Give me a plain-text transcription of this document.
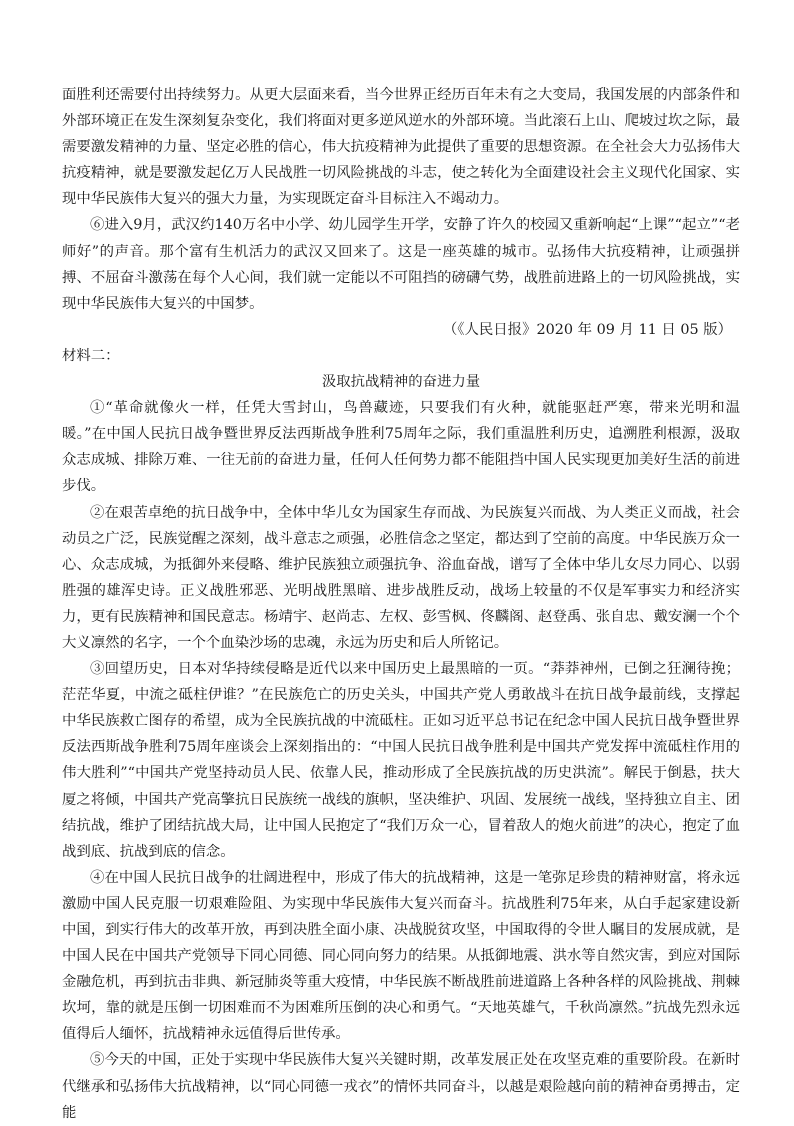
面胜利还需要付出持续努力。从更大层面来看，当今世界正经历百年未有之大变局，我国发展的内部条件和外部环境正在发生深刻复杂变化，我们将面对更多逆风逆水的外部环境。当此滚石上山、爬坡过坎之际，最需要激发精神的力量、坚定必胜的信心，伟大抗疫精神为此提供了重要的思想资源。在全社会大力弘扬伟大抗疫精神，就是要激发起亿万人民战胜一切风险挑战的斗志，使之转化为全面建设社会主义现代化国家、实现中华民族伟大复兴的强大力量，为实现既定奋斗目标注入不竭动力。

⑥进入9月，武汉约140万名中小学、幼儿园学生开学，安静了许久的校园又重新响起“上课”“起立”“老师好”的声音。那个富有生机活力的武汉又回来了。这是一座英雄的城市。弘扬伟大抗疫精神，让顽强拼搏、不屈奋斗激荡在每个人心间，我们就一定能以不可阻挡的磅礴气势，战胜前进路上的一切风险挑战，实现中华民族伟大复兴的中国梦。

（《人民日报》2020 年 09 月 11 日 05 版）

材料二：

汲取抗战精神的奋进力量

①“革命就像火一样，任凭大雪封山，鸟兽藏迹，只要我们有火种，就能驱赶严寒，带来光明和温暖。”在中国人民抗日战争暨世界反法西斯战争胜利75周年之际，我们重温胜利历史，追溯胜利根源，汲取众志成城、排除万难、一往无前的奋进力量，任何人任何势力都不能阻挡中国人民实现更加美好生活的前进步伐。

②在艰苦卓绝的抗日战争中，全体中华儿女为国家生存而战、为民族复兴而战、为人类正义而战，社会动员之广泛，民族觉醒之深刻，战斗意志之顽强，必胜信念之坚定，都达到了空前的高度。中华民族万众一心、众志成城，为抵御外来侵略、维护民族独立顽强抗争、浴血奋战，谱写了全体中华儿女尽力同心、以弱胜强的雄浑史诗。正义战胜邪恶、光明战胜黑暗、进步战胜反动，战场上较量的不仅是军事实力和经济实力，更有民族精神和国民意志。杨靖宇、赵尚志、左权、彭雪枫、佟麟阁、赵登禹、张自忠、戴安澜一个个大义凛然的名字，一个个血染沙场的忠魂，永远为历史和后人所铭记。

③回望历史，日本对华持续侵略是近代以来中国历史上最黑暗的一页。“莽莽神州，已倒之狂澜待挽；茫茫华夏，中流之砥柱伊谁？”在民族危亡的历史关头，中国共产党人勇敢战斗在抗日战争最前线，支撑起中华民族救亡图存的希望，成为全民族抗战的中流砥柱。正如习近平总书记在纪念中国人民抗日战争暨世界反法西斯战争胜利75周年座谈会上深刻指出的：“中国人民抗日战争胜利是中国共产党发挥中流砥柱作用的伟大胜利”“中国共产党坚持动员人民、依靠人民，推动形成了全民族抗战的历史洪流”。解民于倒悬，扶大厦之将倾，中国共产党高擎抗日民族统一战线的旗帜，坚决维护、巩固、发展统一战线，坚持独立自主、团结抗战，维护了团结抗战大局，让中国人民抱定了“我们万众一心，冒着敌人的炮火前进”的决心，抱定了血战到底、抗战到底的信念。

④在中国人民抗日战争的壮阔进程中，形成了伟大的抗战精神，这是一笔弥足珍贵的精神财富，将永远激励中国人民克服一切艰难险阻、为实现中华民族伟大复兴而奋斗。抗战胜利75年来，从白手起家建设新中国，到实行伟大的改革开放，再到决胜全面小康、决战脱贫攻坚，中国取得的令世人瞩目的发展成就，是中国人民在中国共产党领导下同心同德、同心同向努力的结果。从抵御地震、洪水等自然灾害，到应对国际金融危机，再到抗击非典、新冠肺炎等重大疫情，中华民族不断战胜前进道路上各种各样的风险挑战、荆棘坎坷，靠的就是压倒一切困难而不为困难所压倒的决心和勇气。“天地英雄气，千秋尚凛然。”抗战先烈永远值得后人缅怀，抗战精神永远值得后世传承。

⑤今天的中国，正处于实现中华民族伟大复兴关键时期，改革发展正处在攻坚克难的重要阶段。在新时代继承和弘扬伟大抗战精神，以“同心同德一戎衣”的情怀共同奋斗，以越是艰险越向前的精神奋勇搏击，定能
